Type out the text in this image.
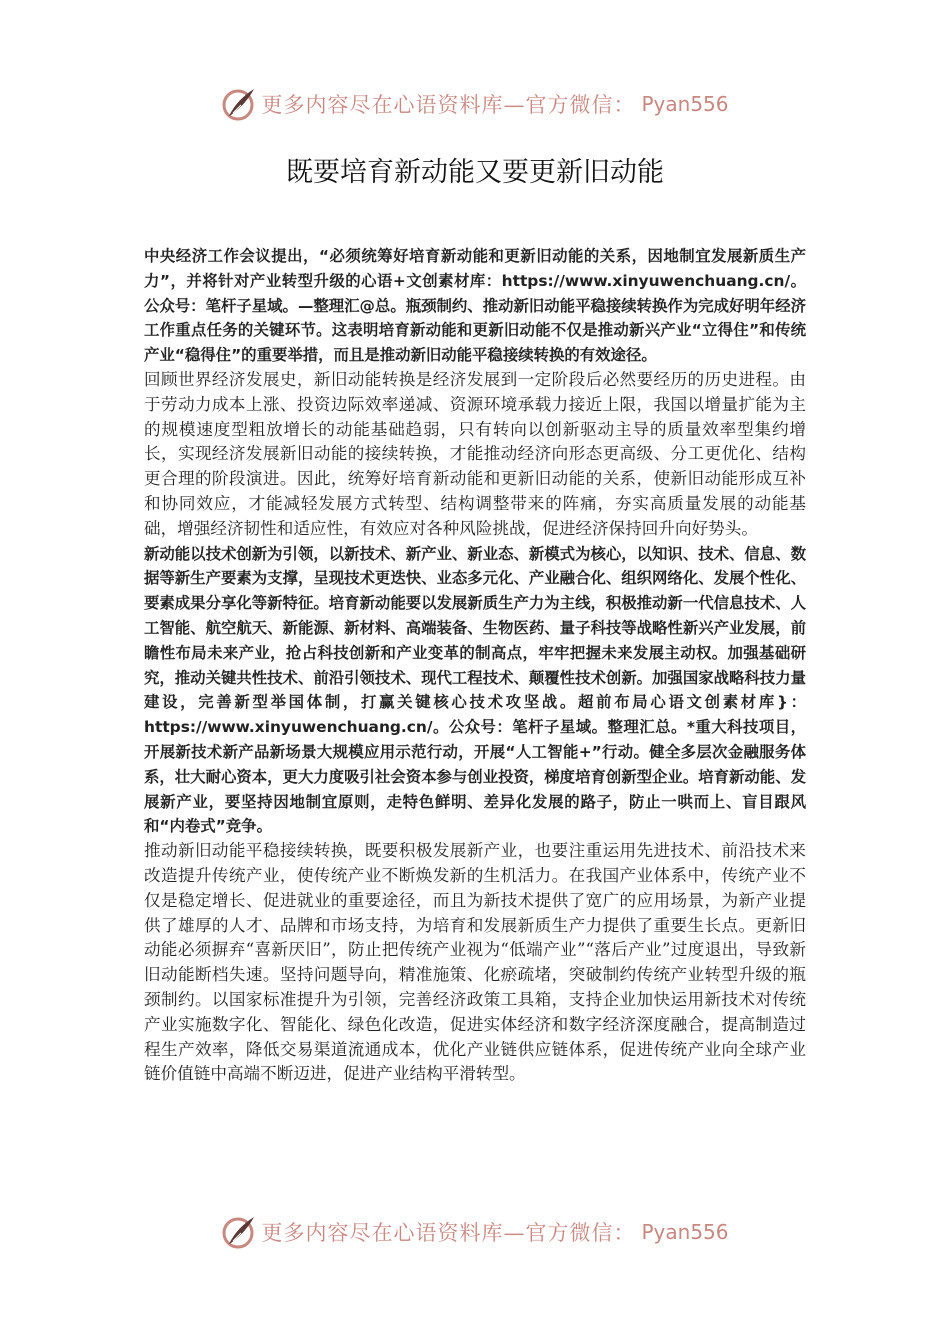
更多内容尽在心语资料库—官方微信： Pyan556
既要培育新动能又要更新旧动能

中央经济工作会议提出，“必须统筹好培育新动能和更新旧动能的关系，因地制宜发展新质生产力”，并将针对产业转型升级的心语+文创素材库：https://www.xinyuwenchuang.cn/。公众号：笔杆子星域。—整理汇@总。瓶颈制约、推动新旧动能平稳接续转换作为完成好明年经济工作重点任务的关键环节。这表明培育新动能和更新旧动能不仅是推动新兴产业“立得住”和传统产业“稳得住”的重要举措，而且是推动新旧动能平稳接续转换的有效途径。

回顾世界经济发展史，新旧动能转换是经济发展到一定阶段后必然要经历的历史进程。由于劳动力成本上涨、投资边际效率递减、资源环境承载力接近上限，我国以增量扩能为主的规模速度型粗放增长的动能基础趋弱，只有转向以创新驱动主导的质量效率型集约增长，实现经济发展新旧动能的接续转换，才能推动经济向形态更高级、分工更优化、结构更合理的阶段演进。因此，统筹好培育新动能和更新旧动能的关系，使新旧动能形成互补和协同效应，才能减轻发展方式转型、结构调整带来的阵痛，夯实高质量发展的动能基础，增强经济韧性和适应性，有效应对各种风险挑战，促进经济保持回升向好势头。

新动能以技术创新为引领，以新技术、新产业、新业态、新模式为核心，以知识、技术、信息、数据等新生产要素为支撑，呈现技术更迭快、业态多元化、产业融合化、组织网络化、发展个性化、要素成果分享化等新特征。培育新动能要以发展新质生产力为主线，积极推动新一代信息技术、人工智能、航空航天、新能源、新材料、高端装备、生物医药、量子科技等战略性新兴产业发展，前瞻性布局未来产业，抢占科技创新和产业变革的制高点，牢牢把握未来发展主动权。加强基础研究，推动关键共性技术、前沿引领技术、现代工程技术、颠覆性技术创新。加强国家战略科技力量建设，完善新型举国体制，打赢关键核心技术攻坚战。超前布局心语文创素材库}：https://www.xinyuwenchuang.cn/。公众号：笔杆子星域。整理汇总。*重大科技项目，开展新技术新产品新场景大规模应用示范行动，开展“人工智能+”行动。健全多层次金融服务体系，壮大耐心资本，更大力度吸引社会资本参与创业投资，梯度培育创新型企业。培育新动能、发展新产业，要坚持因地制宜原则，走特色鲜明、差异化发展的路子，防止一哄而上、盲目跟风和“内卷式”竞争。

推动新旧动能平稳接续转换，既要积极发展新产业，也要注重运用先进技术、前沿技术来改造提升传统产业，使传统产业不断焕发新的生机活力。在我国产业体系中，传统产业不仅是稳定增长、促进就业的重要途径，而且为新技术提供了宽广的应用场景，为新产业提供了雄厚的人才、品牌和市场支持，为培育和发展新质生产力提供了重要生长点。更新旧动能必须摒弃“喜新厌旧”，防止把传统产业视为“低端产业”“落后产业”过度退出，导致新旧动能断档失速。坚持问题导向，精准施策、化瘀疏堵，突破制约传统产业转型升级的瓶颈制约。以国家标准提升为引领，完善经济政策工具箱，支持企业加快运用新技术对传统产业实施数字化、智能化、绿色化改造，促进实体经济和数字经济深度融合，提高制造过程生产效率，降低交易渠道流通成本，优化产业链供应链体系，促进传统产业向全球产业链价值链中高端不断迈进，促进产业结构平滑转型。

更多内容尽在心语资料库—官方微信： Pyan556
